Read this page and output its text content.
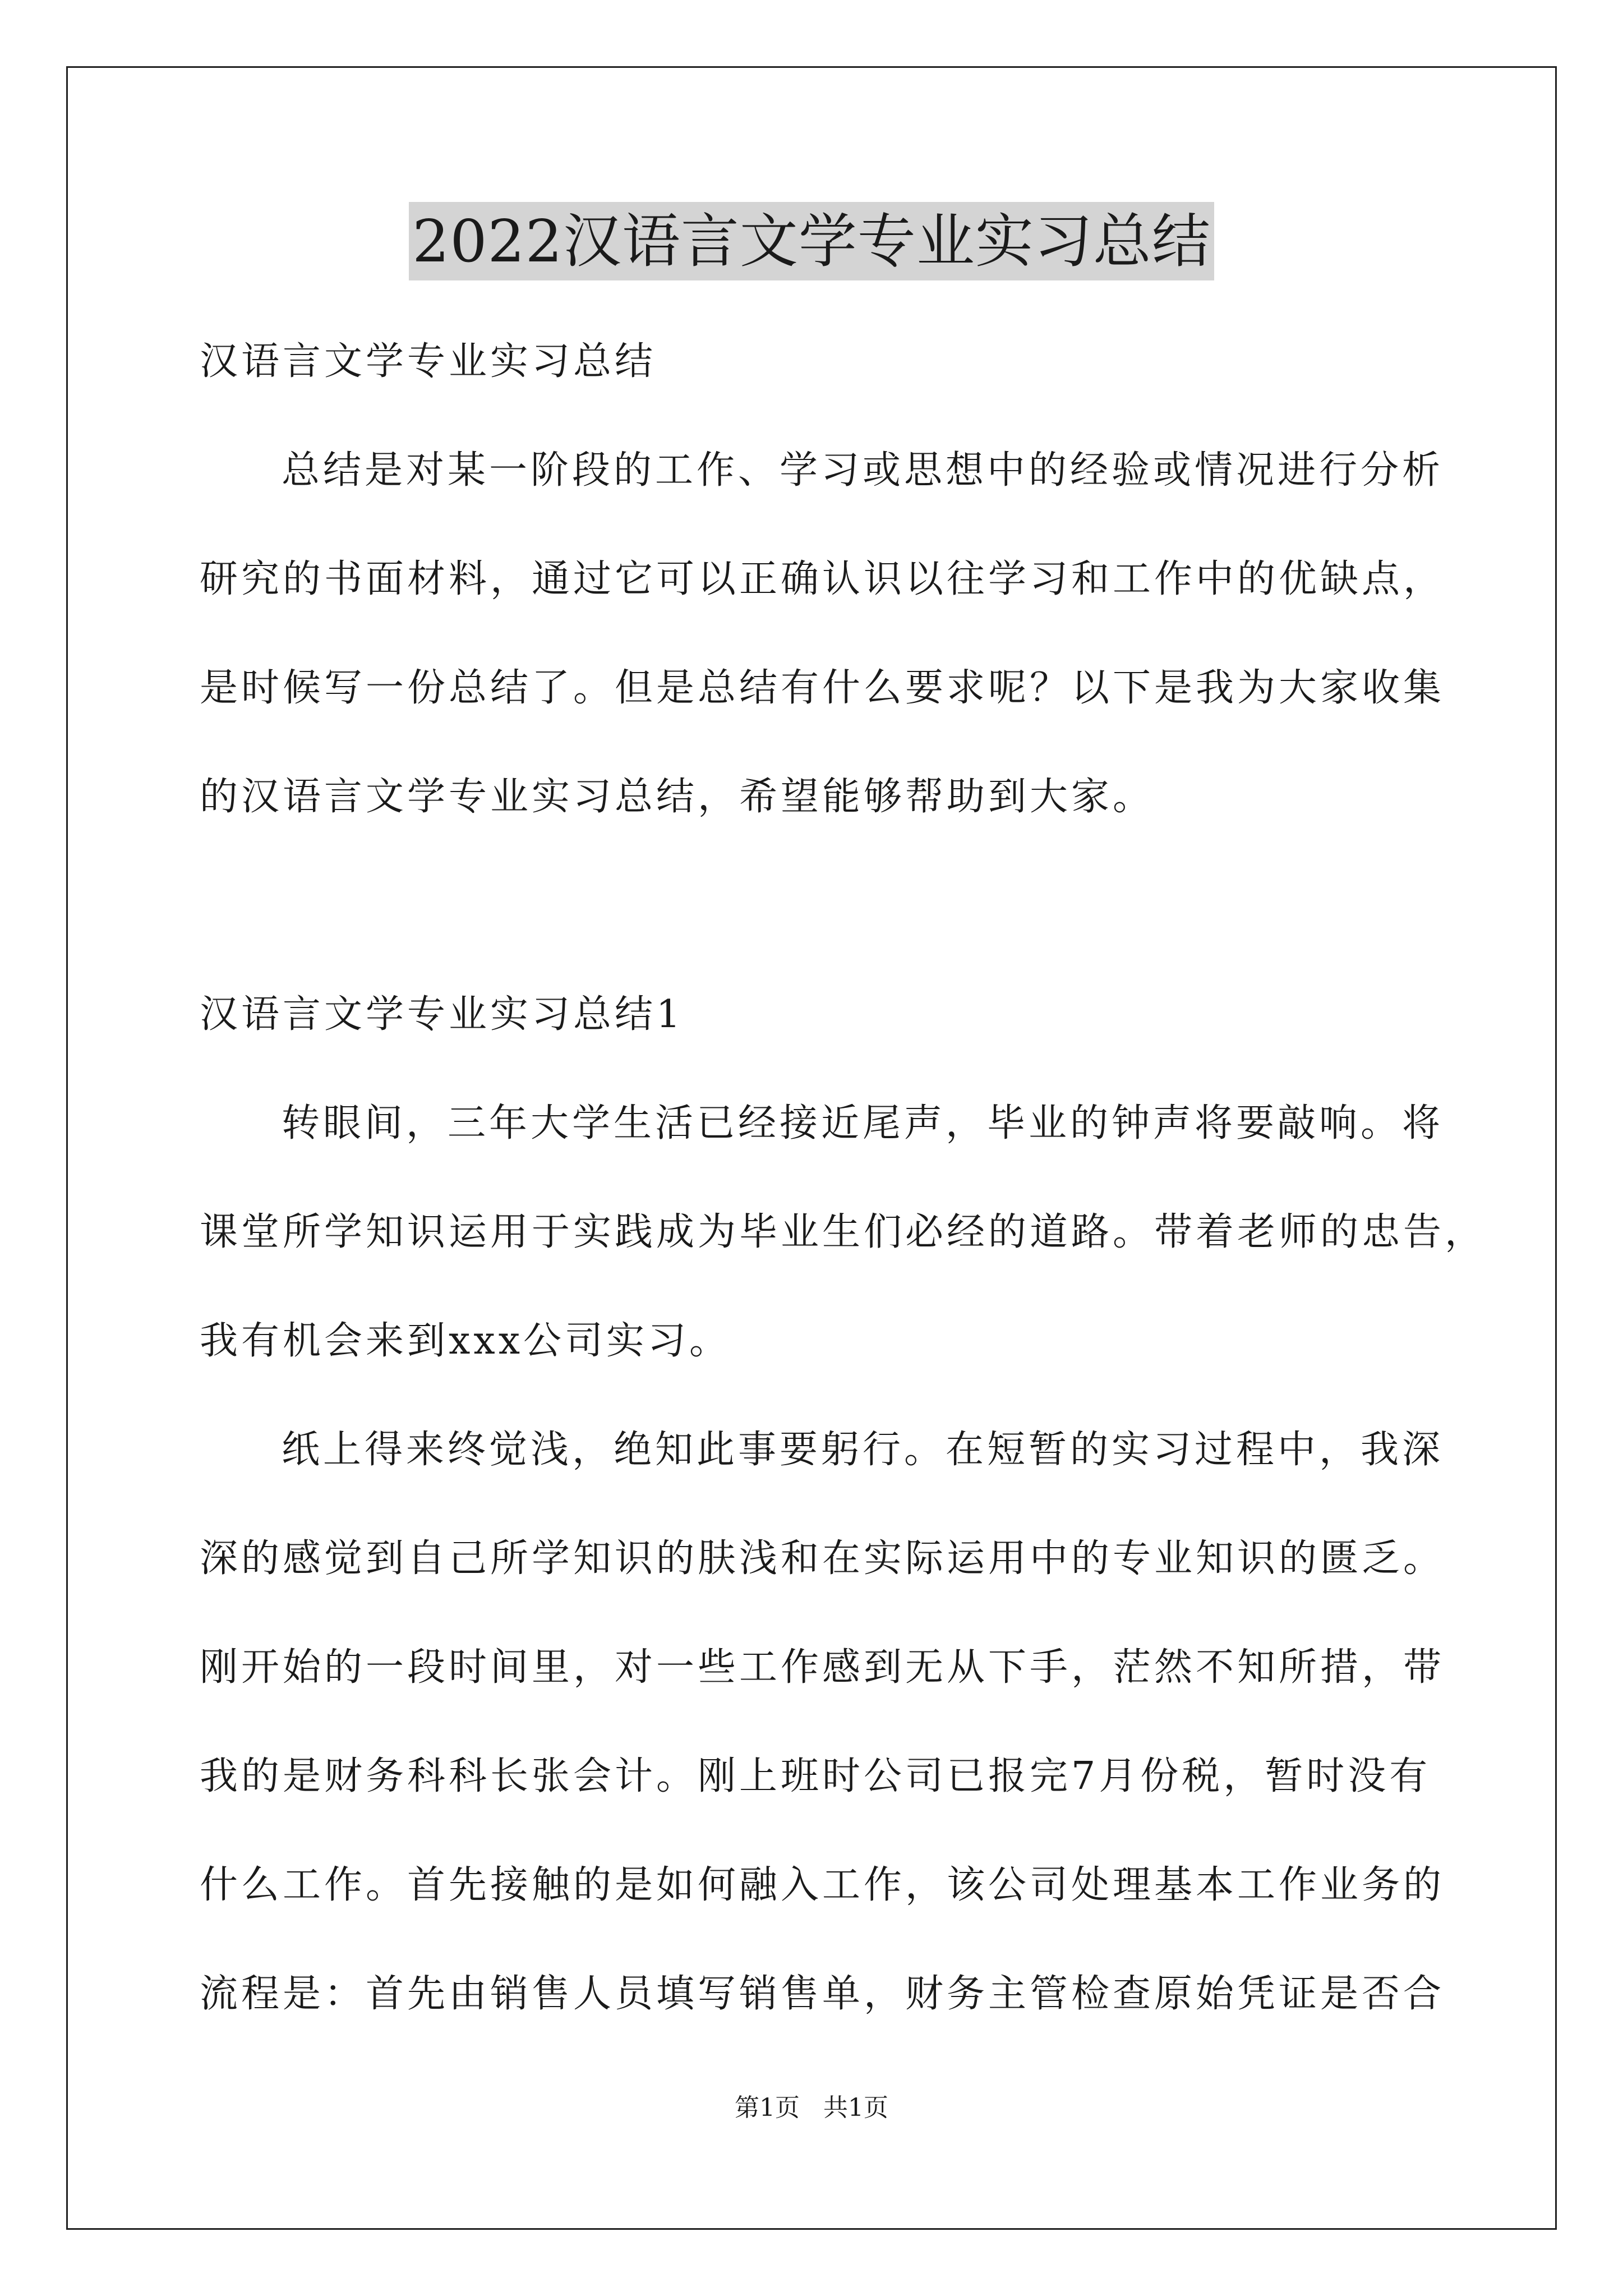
2022汉语言文学专业实习总结
汉语言文学专业实习总结
总结是对某一阶段的工作、学习或思想中的经验或情况进行分析
研究的书面材料，通过它可以正确认识以往学习和工作中的优缺点，
是时候写一份总结了。但是总结有什么要求呢？以下是我为大家收集
的汉语言文学专业实习总结，希望能够帮助到大家。
汉语言文学专业实习总结1
转眼间，三年大学生活已经接近尾声，毕业的钟声将要敲响。将
课堂所学知识运用于实践成为毕业生们必经的道路。带着老师的忠告，
我有机会来到xxx公司实习。
纸上得来终觉浅，绝知此事要躬行。在短暂的实习过程中，我深
深的感觉到自己所学知识的肤浅和在实际运用中的专业知识的匮乏。
刚开始的一段时间里，对一些工作感到无从下手，茫然不知所措，带
我的是财务科科长张会计。刚上班时公司已报完7月份税，暂时没有
什么工作。首先接触的是如何融入工作，该公司处理基本工作业务的
流程是：首先由销售人员填写销售单，财务主管检查原始凭证是否合
第1页   共1页
